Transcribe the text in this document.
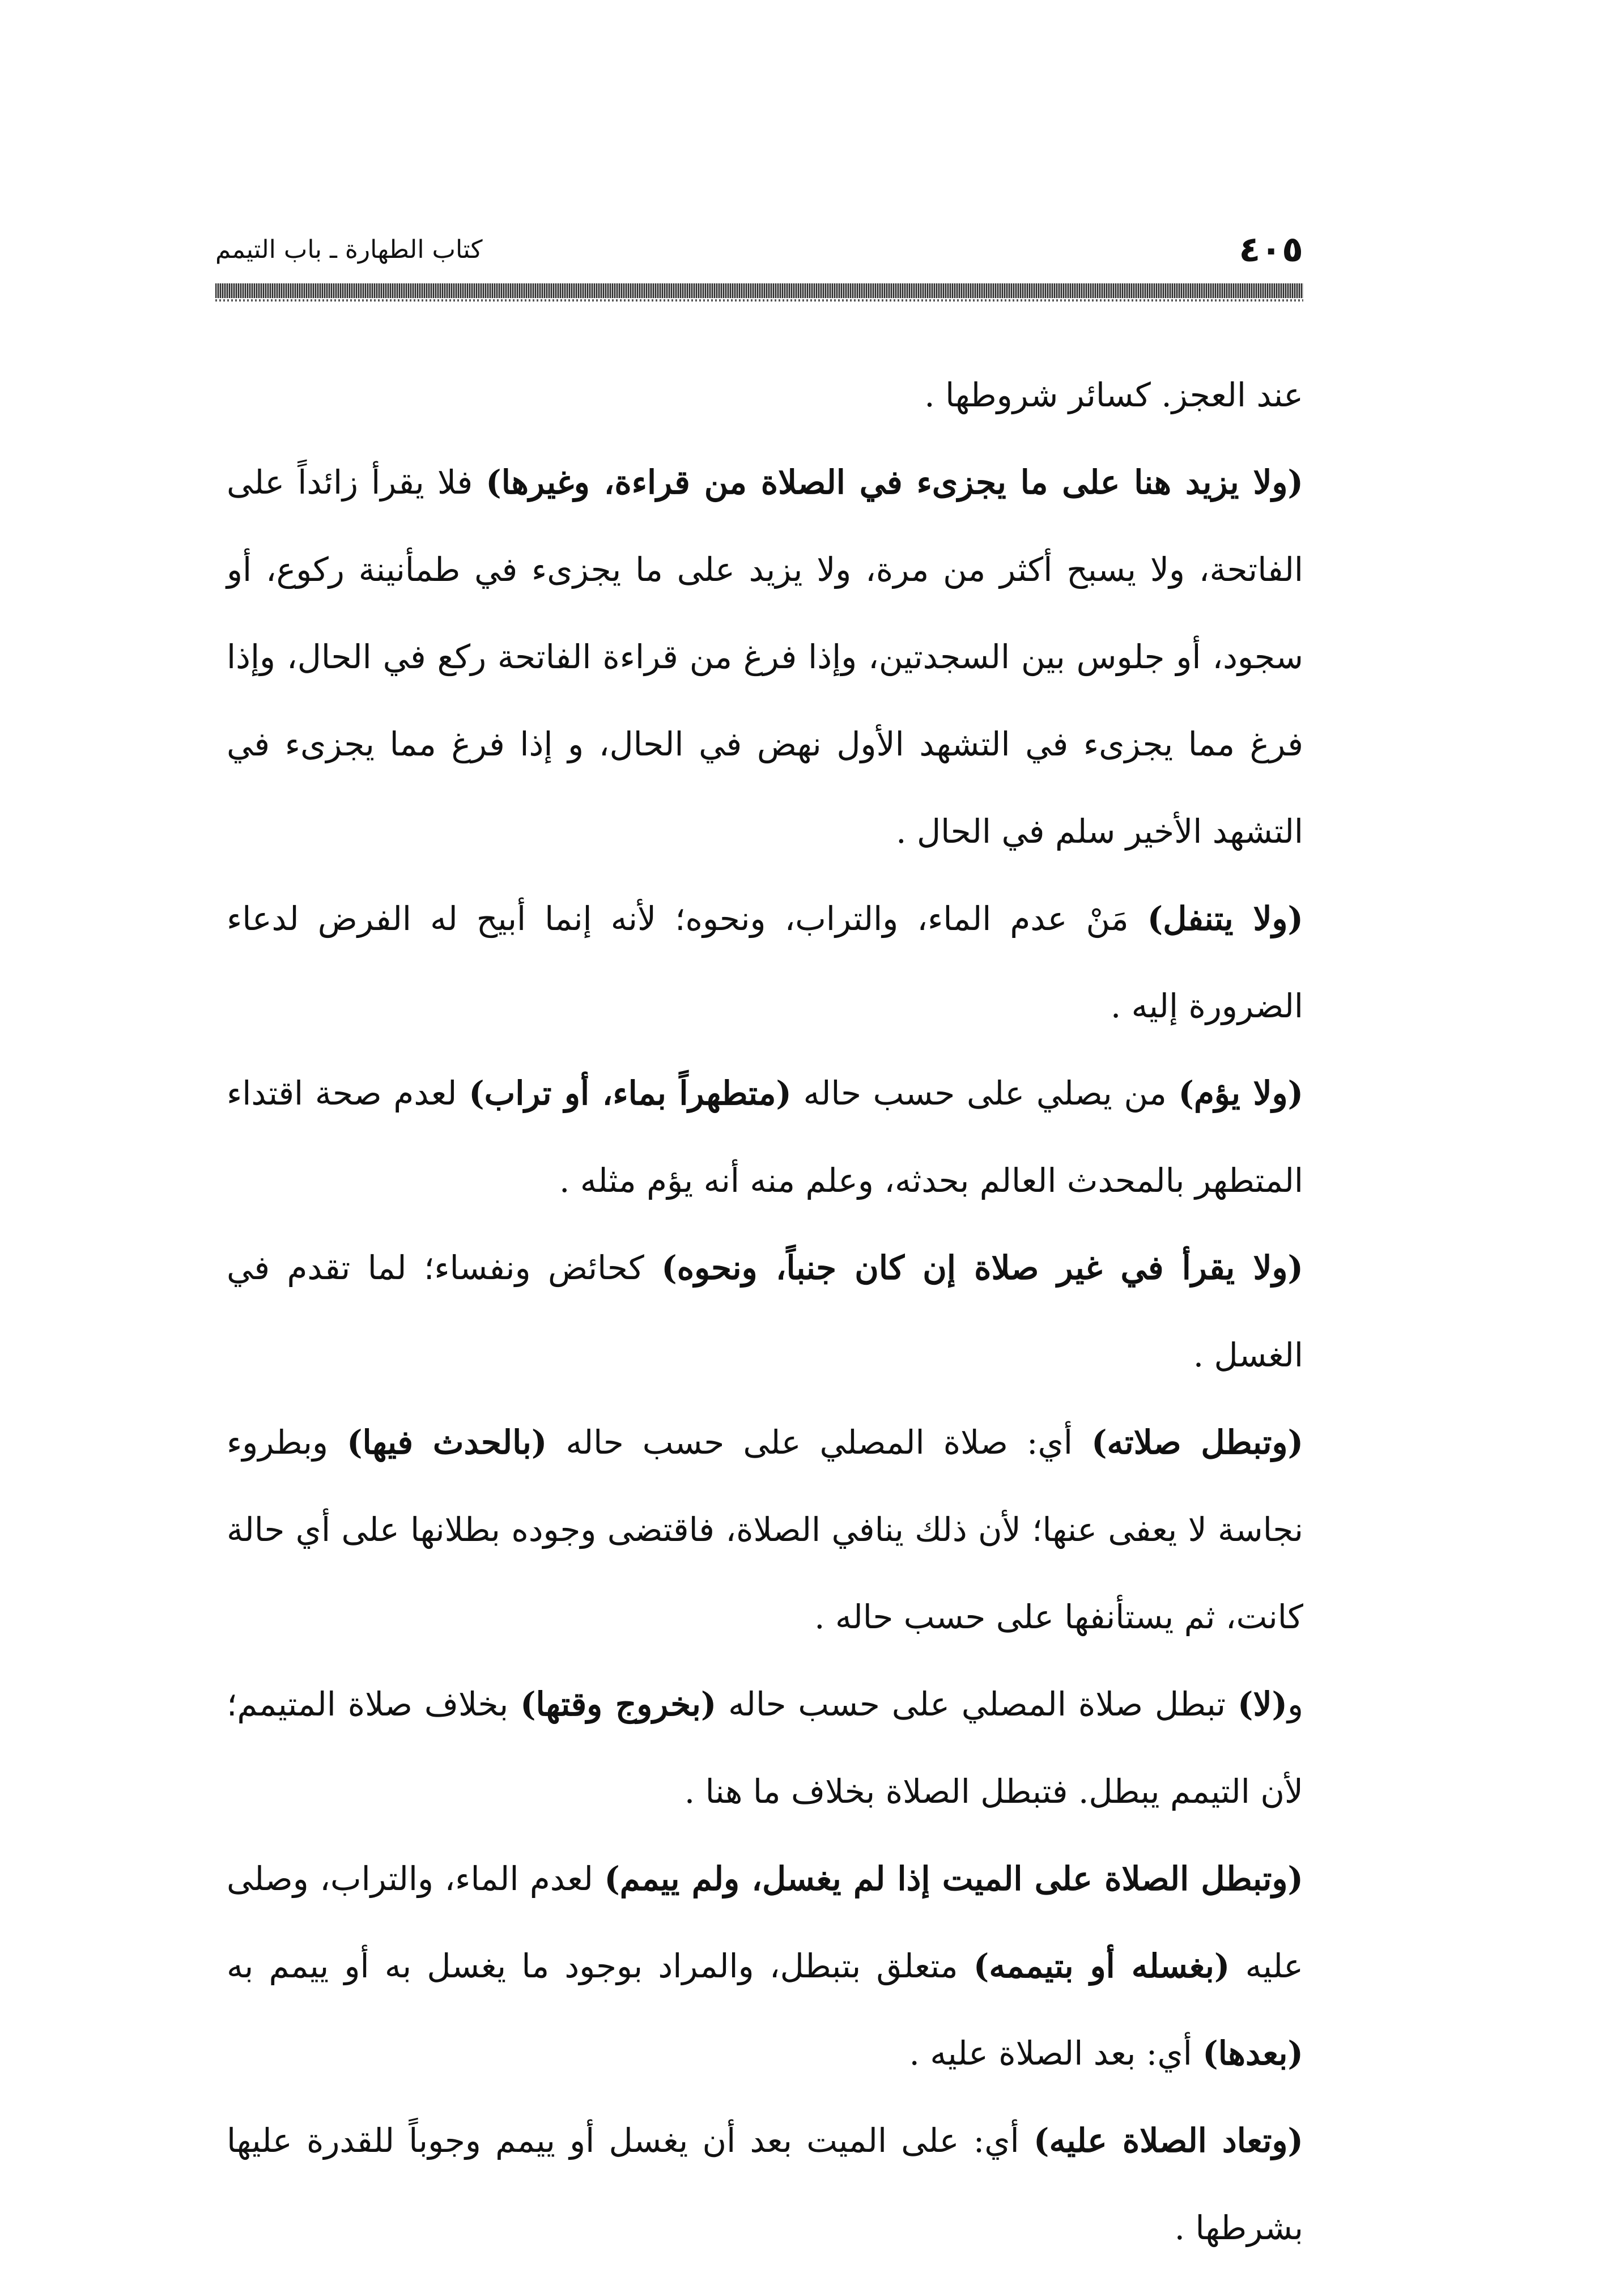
٤٠٥
كتاب الطهارة ـ باب التيمم

عند العجز. كسائر شروطها .

(ولا يزيد هنا على ما يجزىء في الصلاة من قراءة، وغيرها) فلا يقرأ زائداً على الفاتحة، ولا يسبح أكثر من مرة، ولا يزيد على ما يجزىء في طمأنينة ركوع، أو سجود، أو جلوس بين السجدتين، وإذا فرغ من قراءة الفاتحة ركع في الحال، وإذا فرغ مما يجزىء في التشهد الأول نهض في الحال، و إذا فرغ مما يجزىء في التشهد الأخير سلم في الحال .

(ولا يتنفل) مَنْ عدم الماء، والتراب، ونحوه؛ لأنه إنما أبيح له الفرض لدعاء الضرورة إليه .

(ولا يؤم) من يصلي على حسب حاله (متطهراً بماء، أو تراب) لعدم صحة اقتداء المتطهر بالمحدث العالم بحدثه، وعلم منه أنه يؤم مثله .

(ولا يقرأ في غير صلاة إن كان جنباً، ونحوه) كحائض ونفساء؛ لما تقدم في الغسل .

(وتبطل صلاته) أي: صلاة المصلي على حسب حاله (بالحدث فيها) وبطروء نجاسة لا يعفى عنها؛ لأن ذلك ينافي الصلاة، فاقتضى وجوده بطلانها على أي حالة كانت، ثم يستأنفها على حسب حاله .

و(لا) تبطل صلاة المصلي على حسب حاله (بخروج وقتها) بخلاف صلاة المتيمم؛ لأن التيمم يبطل. فتبطل الصلاة بخلاف ما هنا .

(وتبطل الصلاة على الميت إذا لم يغسل، ولم ييمم) لعدم الماء، والتراب، وصلى عليه (بغسله أو بتيممه) متعلق بتبطل، والمراد بوجود ما يغسل به أو ييمم به (بعدها) أي: بعد الصلاة عليه .

(وتعاد الصلاة عليه) أي: على الميت بعد أن يغسل أو ييمم وجوباً للقدرة عليها بشرطها .
